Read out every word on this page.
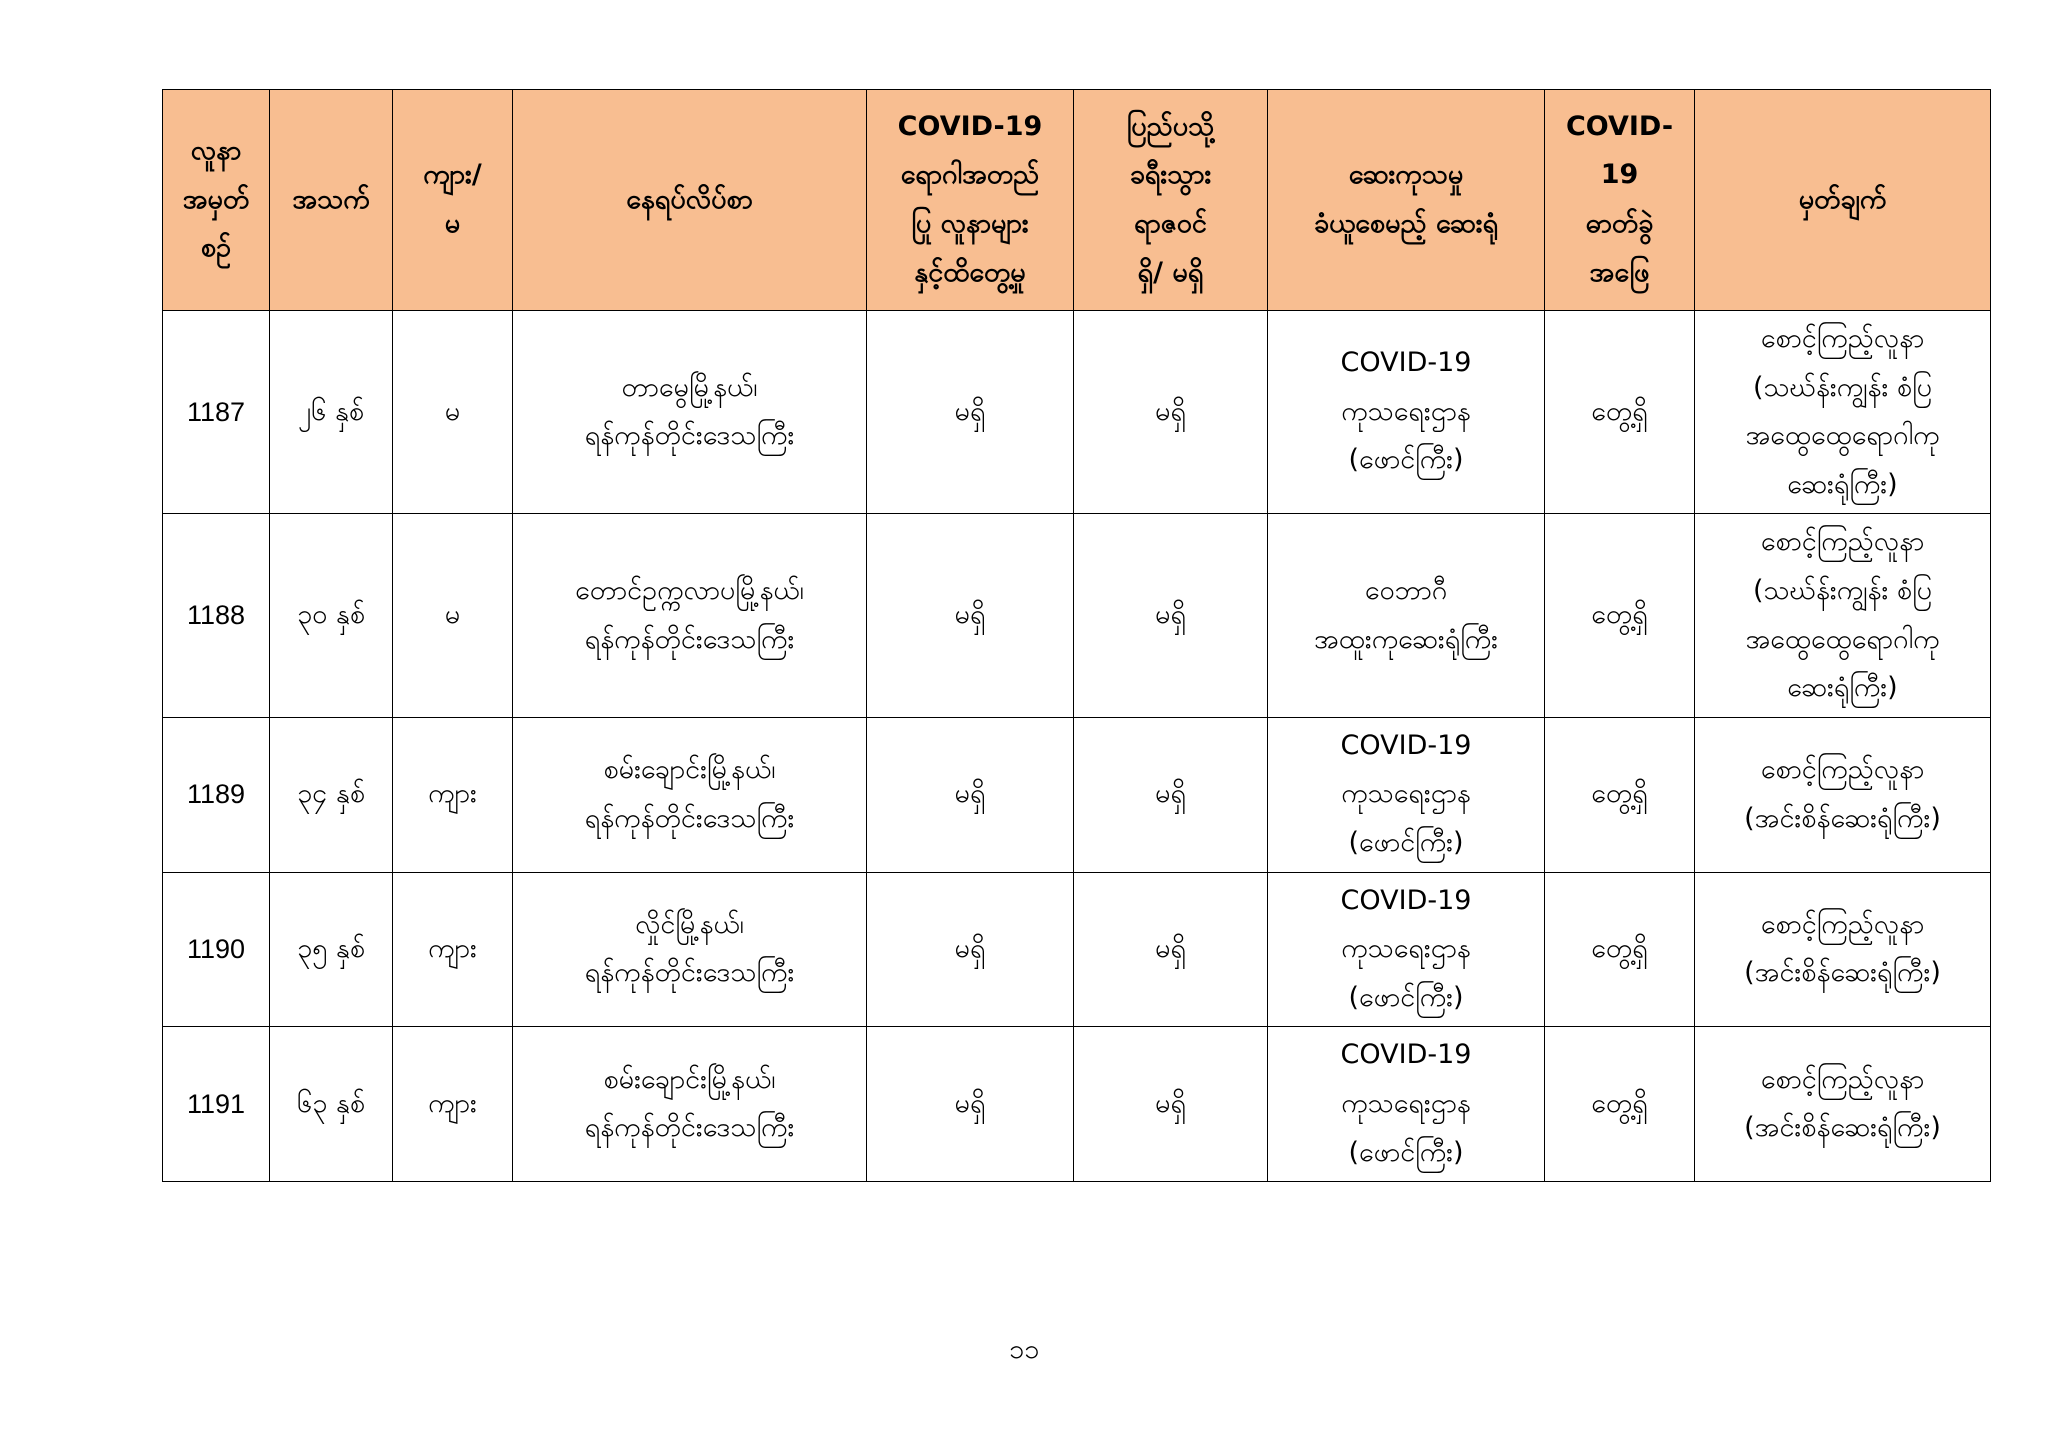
လူနာ
အမှတ်
စဉ်	အသက်	ကျား/
မ	နေရပ်လိပ်စာ	COVID-19
ရောဂါအတည်
ပြု လူနာများ
နှင့်ထိတွေ့မှု	ပြည်ပသို့
ခရီးသွား
ရာဇဝင်
ရှိ/ မရှိ	ဆေးကုသမှု
ခံယူစေမည့် ဆေးရုံ	COVID-
19
ဓာတ်ခွဲ
အဖြေ	မှတ်ချက်
1187	၂၆ နှစ်	မ	တာမွေမြို့နယ်၊
ရန်ကုန်တိုင်းဒေသကြီး	မရှိ	မရှိ	COVID-19
ကုသရေးဌာန
(ဖောင်ကြီး)	တွေ့ရှိ	စောင့်ကြည့်လူနာ
(သဃ်န်းကျွန်း စံပြ
အထွေထွေရောဂါကု
ဆေးရုံကြီး)
1188	၃၀ နှစ်	မ	တောင်ဥက္ကလာပမြို့နယ်၊
ရန်ကုန်တိုင်းဒေသကြီး	မရှိ	မရှိ	ဝေဘာဂီ
အထူးကုဆေးရုံကြီး	တွေ့ရှိ	စောင့်ကြည့်လူနာ
(သဃ်န်းကျွန်း စံပြ
အထွေထွေရောဂါကု
ဆေးရုံကြီး)
1189	၃၄ နှစ်	ကျား	စမ်းချောင်းမြို့နယ်၊
ရန်ကုန်တိုင်းဒေသကြီး	မရှိ	မရှိ	COVID-19
ကုသရေးဌာန
(ဖောင်ကြီး)	တွေ့ရှိ	စောင့်ကြည့်လူနာ
(အင်းစိန်ဆေးရုံကြီး)
1190	၃၅ နှစ်	ကျား	လှိုင်မြို့နယ်၊
ရန်ကုန်တိုင်းဒေသကြီး	မရှိ	မရှိ	COVID-19
ကုသရေးဌာန
(ဖောင်ကြီး)	တွေ့ရှိ	စောင့်ကြည့်လူနာ
(အင်းစိန်ဆေးရုံကြီး)
1191	၆၃ နှစ်	ကျား	စမ်းချောင်းမြို့နယ်၊
ရန်ကုန်တိုင်းဒေသကြီး	မရှိ	မရှိ	COVID-19
ကုသရေးဌာန
(ဖောင်ကြီး)	တွေ့ရှိ	စောင့်ကြည့်လူနာ
(အင်းစိန်ဆေးရုံကြီး)
၁၁
